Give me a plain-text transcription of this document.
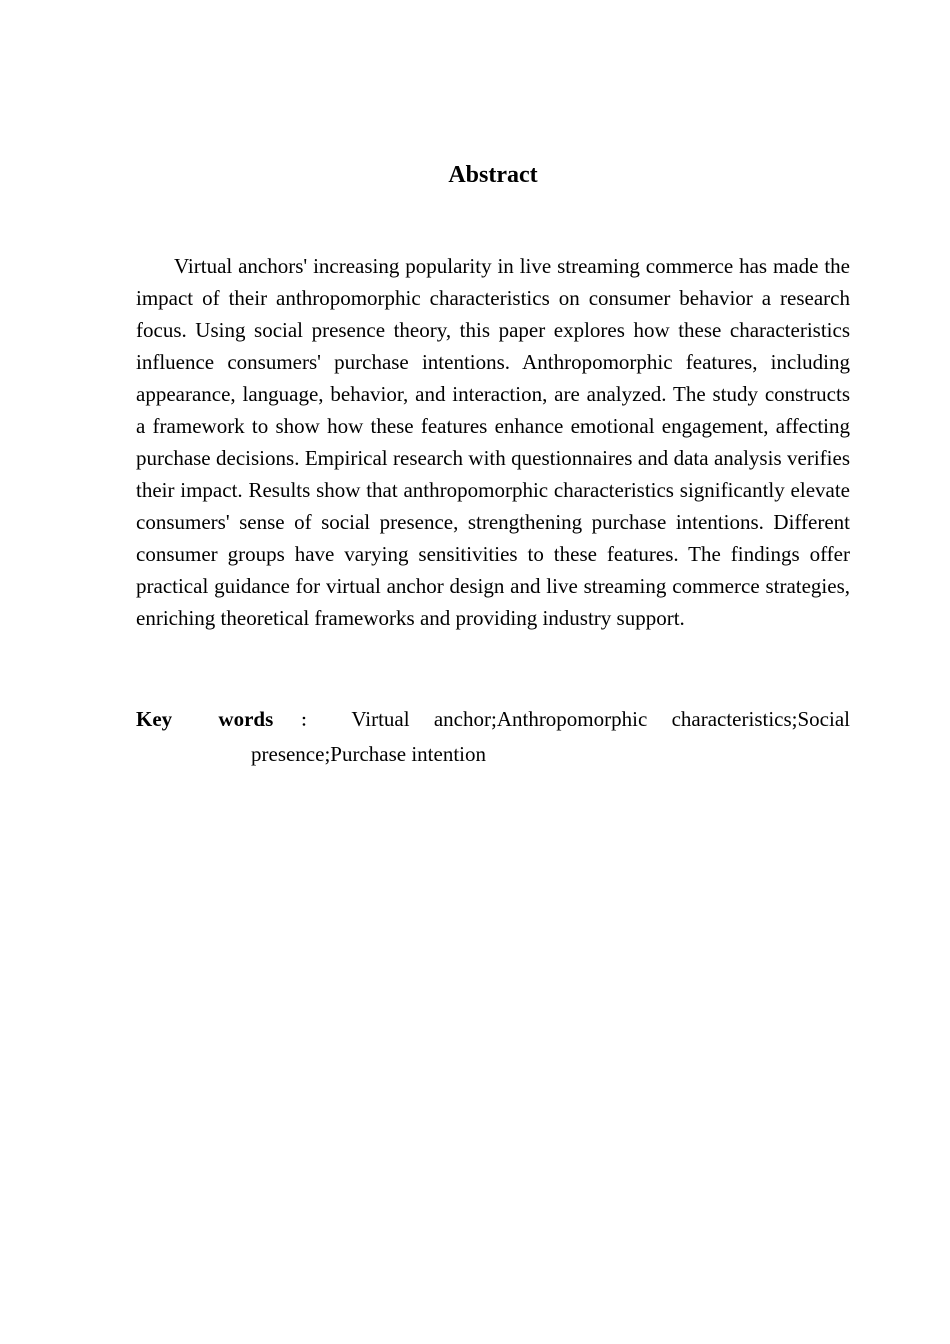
Abstract

Virtual anchors' increasing popularity in live streaming commerce has made the impact of their anthropomorphic characteristics on consumer behavior a research focus. Using social presence theory, this paper explores how these characteristics influence consumers' purchase intentions. Anthropomorphic features, including appearance, language, behavior, and interaction, are analyzed. The study constructs a framework to show how these features enhance emotional engagement, affecting purchase decisions. Empirical research with questionnaires and data analysis verifies their impact. Results show that anthropomorphic characteristics significantly elevate consumers' sense of social presence, strengthening purchase intentions. Different consumer groups have varying sensitivities to these features. The findings offer practical guidance for virtual anchor design and live streaming commerce strategies, enriching theoretical frameworks and providing industry support.

Key words ： Virtual anchor;Anthropomorphic characteristics;Social presence;Purchase intention
